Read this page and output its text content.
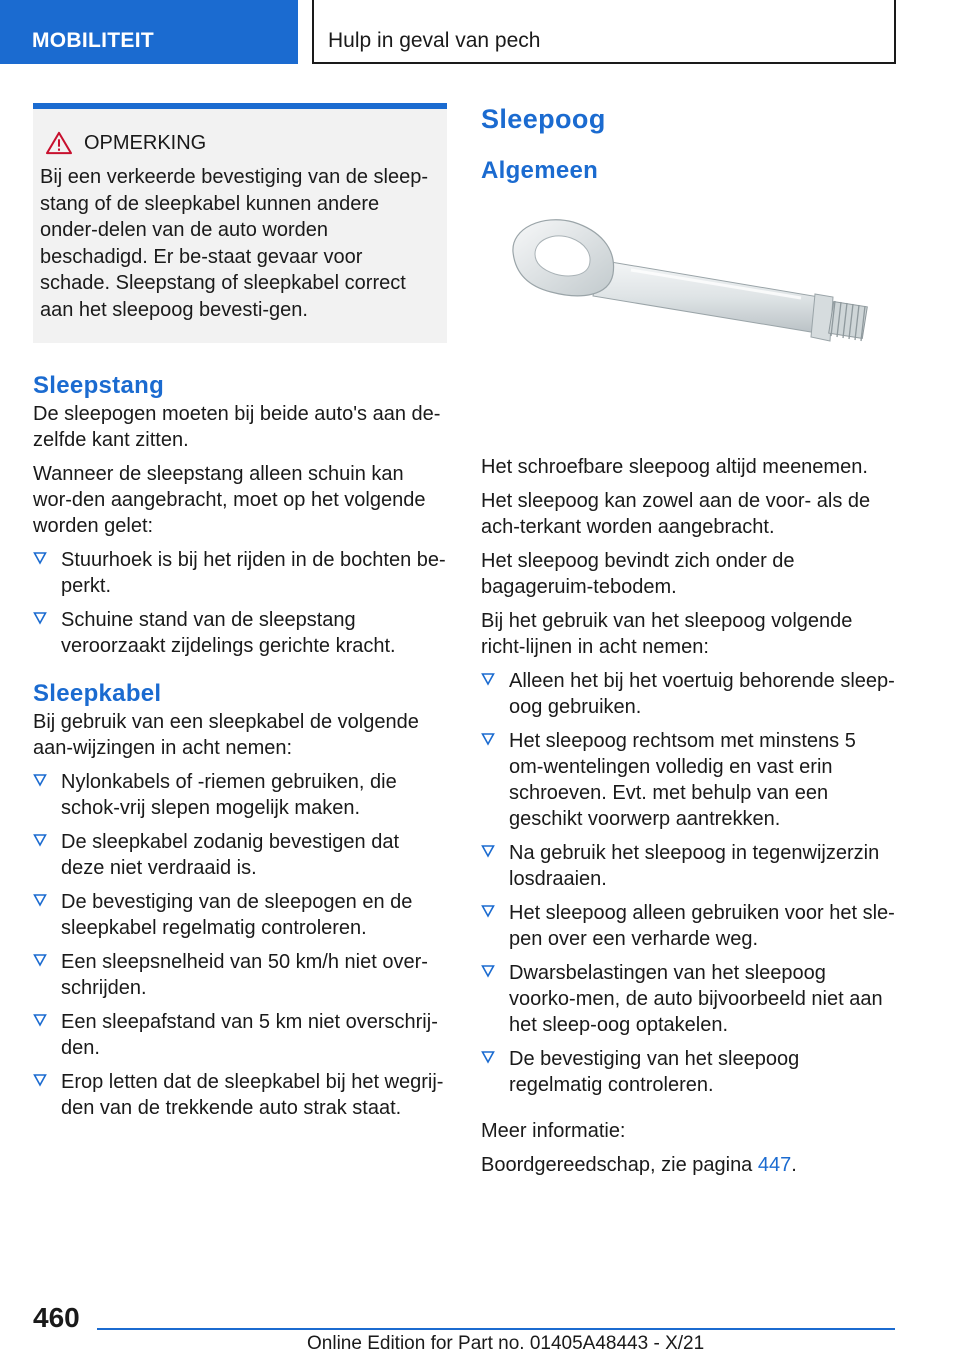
MOBILITEIT	Hulp in geval van pech
OPMERKING

Bij een verkeerde bevestiging van de sleep-stang of de sleepkabel kunnen andere onder-delen van de auto worden beschadigd. Er be-staat gevaar voor schade. Sleepstang of sleepkabel correct aan het sleepoog bevesti-gen.

Sleepstang

De sleepogen moeten bij beide auto's aan de-zelfde kant zitten.

Wanneer de sleepstang alleen schuin kan wor-den aangebracht, moet op het volgende worden gelet:

Stuurhoek is bij het rijden in de bochten be-perkt.
Schuine stand van de sleepstang veroorzaakt zijdelings gerichte kracht.
Sleepkabel

Bij gebruik van een sleepkabel de volgende aan-wijzingen in acht nemen:

Nylonkabels of -riemen gebruiken, die schok-vrij slepen mogelijk maken.
De sleepkabel zodanig bevestigen dat deze niet verdraaid is.
De bevestiging van de sleepogen en de sleepkabel regelmatig controleren.
Een sleepsnelheid van 50 km/h niet over-schrijden.
Een sleepafstand van 5 km niet overschrij-den.
Erop letten dat de sleepkabel bij het wegrij-den van de trekkende auto strak staat.
Sleepoog
Algemeen

Het schroefbare sleepoog altijd meenemen.

Het sleepoog kan zowel aan de voor- als de ach-terkant worden aangebracht.

Het sleepoog bevindt zich onder de bagageruim-tebodem.

Bij het gebruik van het sleepoog volgende richt-lijnen in acht nemen:

Alleen het bij het voertuig behorende sleep-oog gebruiken.
Het sleepoog rechtsom met minstens 5 om-wentelingen volledig en vast erin schroeven. Evt. met behulp van een geschikt voorwerp aantrekken.
Na gebruik het sleepoog in tegenwijzerzin losdraaien.
Het sleepoog alleen gebruiken voor het sle-pen over een verharde weg.
Dwarsbelastingen van het sleepoog voorko-men, de auto bijvoorbeeld niet aan het sleep-oog optakelen.
De bevestiging van het sleepoog regelmatig controleren.

Meer informatie:

Boordgereedschap, zie pagina 447.

460
Online Edition for Part no. 01405A48443 - X/21
